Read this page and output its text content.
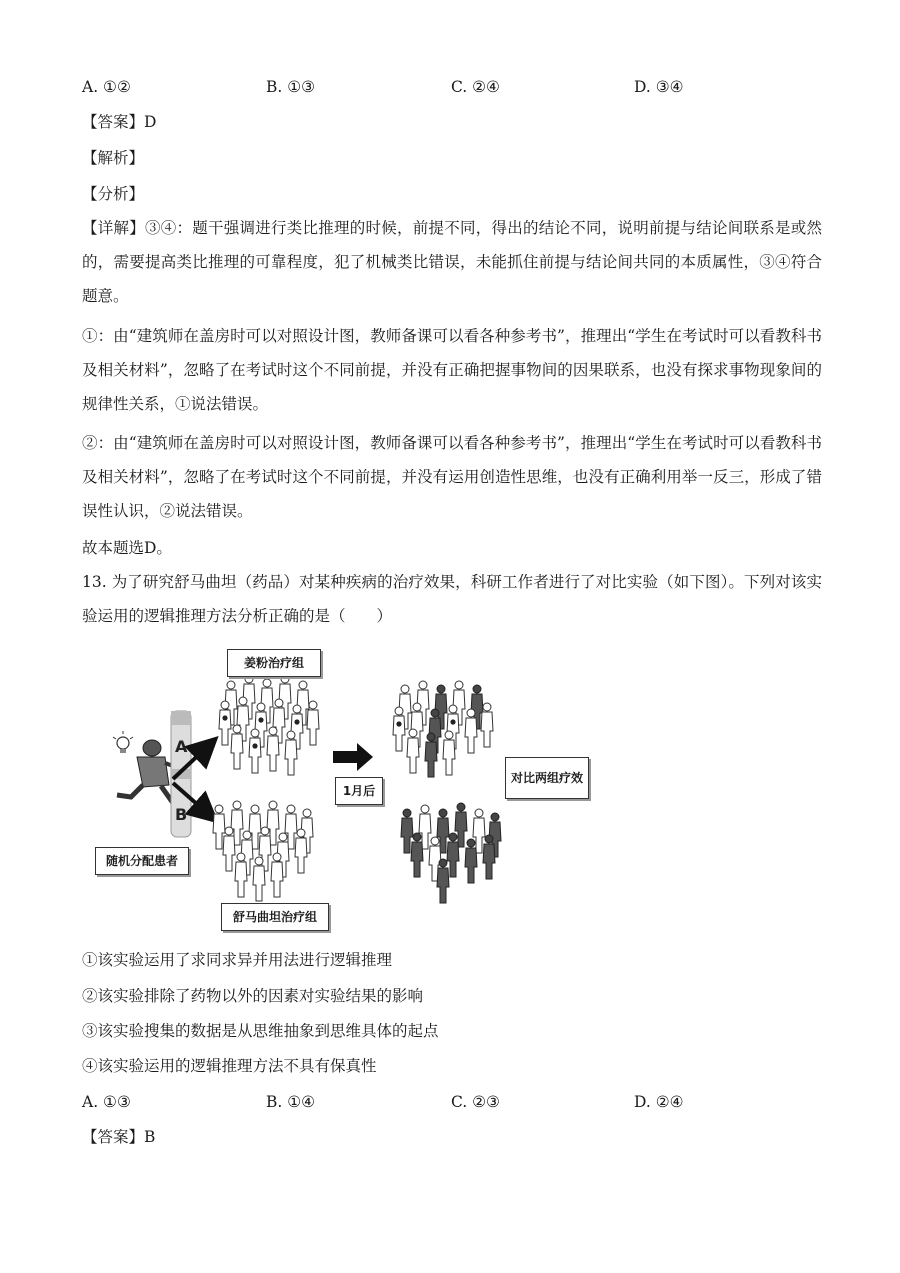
A. ①②	B. ①③	C. ②④	D. ③④
【答案】D
【解析】
【分析】
【详解】③④：题干强调进行类比推理的时候，前提不同，得出的结论不同，说明前提与结论间联系是或然的，需要提高类比推理的可靠程度，犯了机械类比错误，未能抓住前提与结论间共同的本质属性，③④符合题意。
①：由“建筑师在盖房时可以对照设计图，教师备课可以看各种参考书”，推理出“学生在考试时可以看教科书及相关材料”，忽略了在考试时这个不同前提，并没有正确把握事物间的因果联系，也没有探求事物现象间的规律性关系，①说法错误。
②：由“建筑师在盖房时可以对照设计图，教师备课可以看各种参考书”，推理出“学生在考试时可以看教科书及相关材料”，忽略了在考试时这个不同前提，并没有运用创造性思维，也没有正确利用举一反三，形成了错误性认识，②说法错误。
故本题选D。
13. 为了研究舒马曲坦（药品）对某种疾病的治疗效果，科研工作者进行了对比实验（如下图）。下列对该实验运用的逻辑推理方法分析正确的是（　　）
A
B
姜粉治疗组
舒马曲坦治疗组
随机分配患者
1月后
对比两组疗效
①该实验运用了求同求异并用法进行逻辑推理
②该实验排除了药物以外的因素对实验结果的影响
③该实验搜集的数据是从思维抽象到思维具体的起点
④该实验运用的逻辑推理方法不具有保真性
A. ①③	B. ①④	C. ②③	D. ②④
【答案】B
